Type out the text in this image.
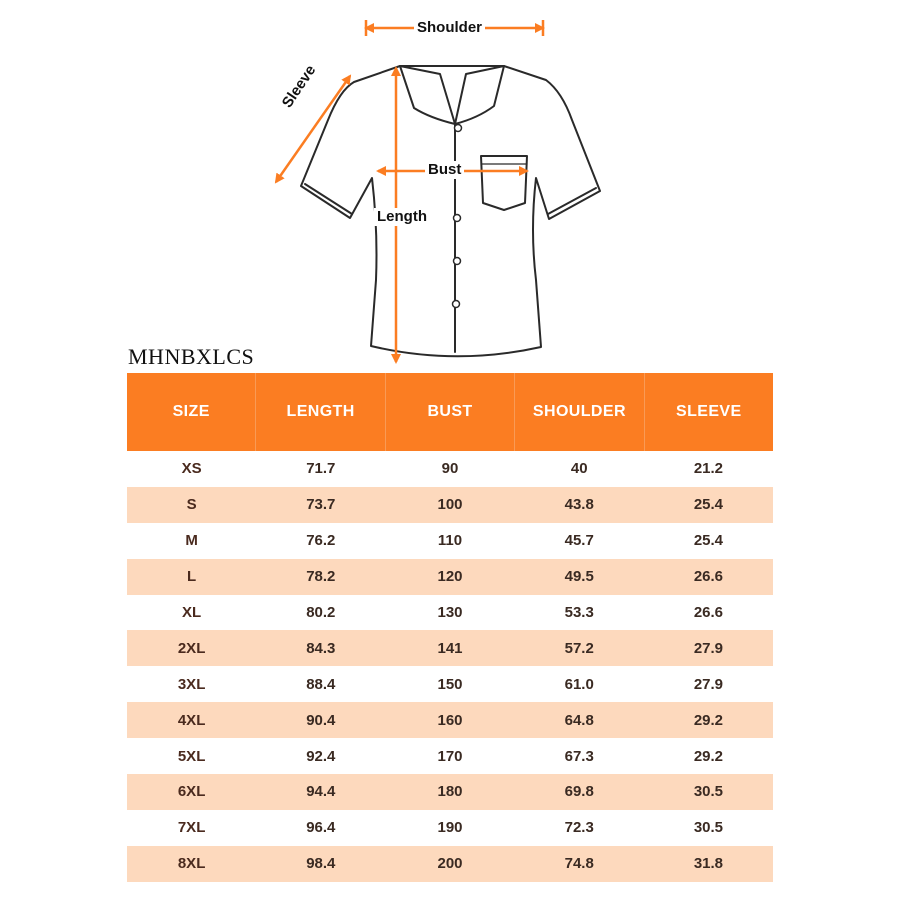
Shoulder
Sleeve
Bust
Length
MHNBXLCS
SIZE	LENGTH	BUST	SHOULDER	SLEEVE
XS	71.7	90	40	21.2
S	73.7	100	43.8	25.4
M	76.2	110	45.7	25.4
L	78.2	120	49.5	26.6
XL	80.2	130	53.3	26.6
2XL	84.3	141	57.2	27.9
3XL	88.4	150	61.0	27.9
4XL	90.4	160	64.8	29.2
5XL	92.4	170	67.3	29.2
6XL	94.4	180	69.8	30.5
7XL	96.4	190	72.3	30.5
8XL	98.4	200	74.8	31.8
